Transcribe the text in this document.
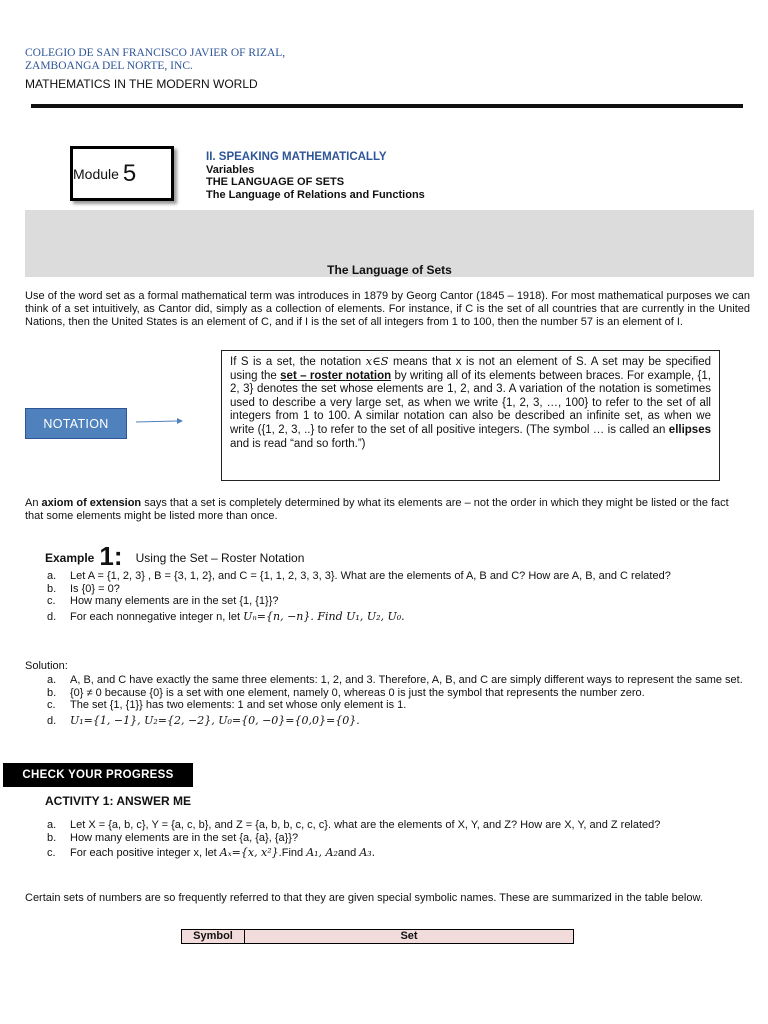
COLEGIO DE SAN FRANCISCO JAVIER OF RIZAL,
ZAMBOANGA DEL NORTE, INC.
MATHEMATICS IN THE MODERN WORLD
Module 5
II. SPEAKING MATHEMATICALLY
Variables
THE LANGUAGE OF SETS
The Language of Relations and Functions
The Language of Sets
Use of the word set as a formal mathematical term was introduces in 1879 by Georg Cantor (1845 – 1918). For most mathematical purposes we can think of a set intuitively, as Cantor did, simply as a collection of elements. For instance, if C is the set of all countries that are currently in the United Nations, then the United States is an element of C, and if I is the set of all integers from 1 to 100, then the number 57 is an element of I.
If S is a set, the notation x∈S means that x is not an element of S. A set may be specified using the set – roster notation by writing all of its elements between braces. For example, {1, 2, 3} denotes the set whose elements are 1, 2, and 3. A variation of the notation is sometimes used to describe a very large set, as when we write {1, 2, 3, …, 100} to refer to the set of all integers from 1 to 100. A similar notation can also be described an infinite set, as when we write ({1, 2, 3, ..} to refer to the set of all positive integers. (The symbol … is called an ellipses and is read “and so forth.”)
NOTATION
An axiom of extension says that a set is completely determined by what its elements are – not the order in which they might be listed or the fact that some elements might be listed more than once.
Example 1: Using the Set – Roster Notation
a. Let A = {1, 2, 3} , B = {3, 1, 2}, and C = {1, 1, 2, 3, 3, 3}. What are the elements of A, B and C? How are A, B, and C related?
b. Is {0} = 0?
c. How many elements are in the set {1, {1}}?
d. For each nonnegative integer n, let Uₙ={n, −n}. Find U₁, U₂, U₀.
Solution:
a. A, B, and C have exactly the same three elements: 1, 2, and 3. Therefore, A, B, and C are simply different ways to represent the same set.
b. {0} ≠ 0 because {0} is a set with one element, namely 0, whereas 0 is just the symbol that represents the number zero.
c. The set {1, {1}} has two elements: 1 and set whose only element is 1.
d. U₁={1, −1}, U₂={2, −2}, U₀={0, −0}={0,0}={0}.
CHECK YOUR PROGRESS
ACTIVITY 1: ANSWER ME
a. Let X = {a, b, c}, Y = {a, c, b}, and Z = {a, b, b, c, c, c}. what are the elements of X, Y, and Z? How are X, Y, and Z related?
b. How many elements are in the set {a, {a}, {a}}?
c. For each positive integer x, let Aₓ={x, x²}.Find A₁, A₂and A₃.
Certain sets of numbers are so frequently referred to that they are given special symbolic names. These are summarized in the table below.
Symbol	Set
